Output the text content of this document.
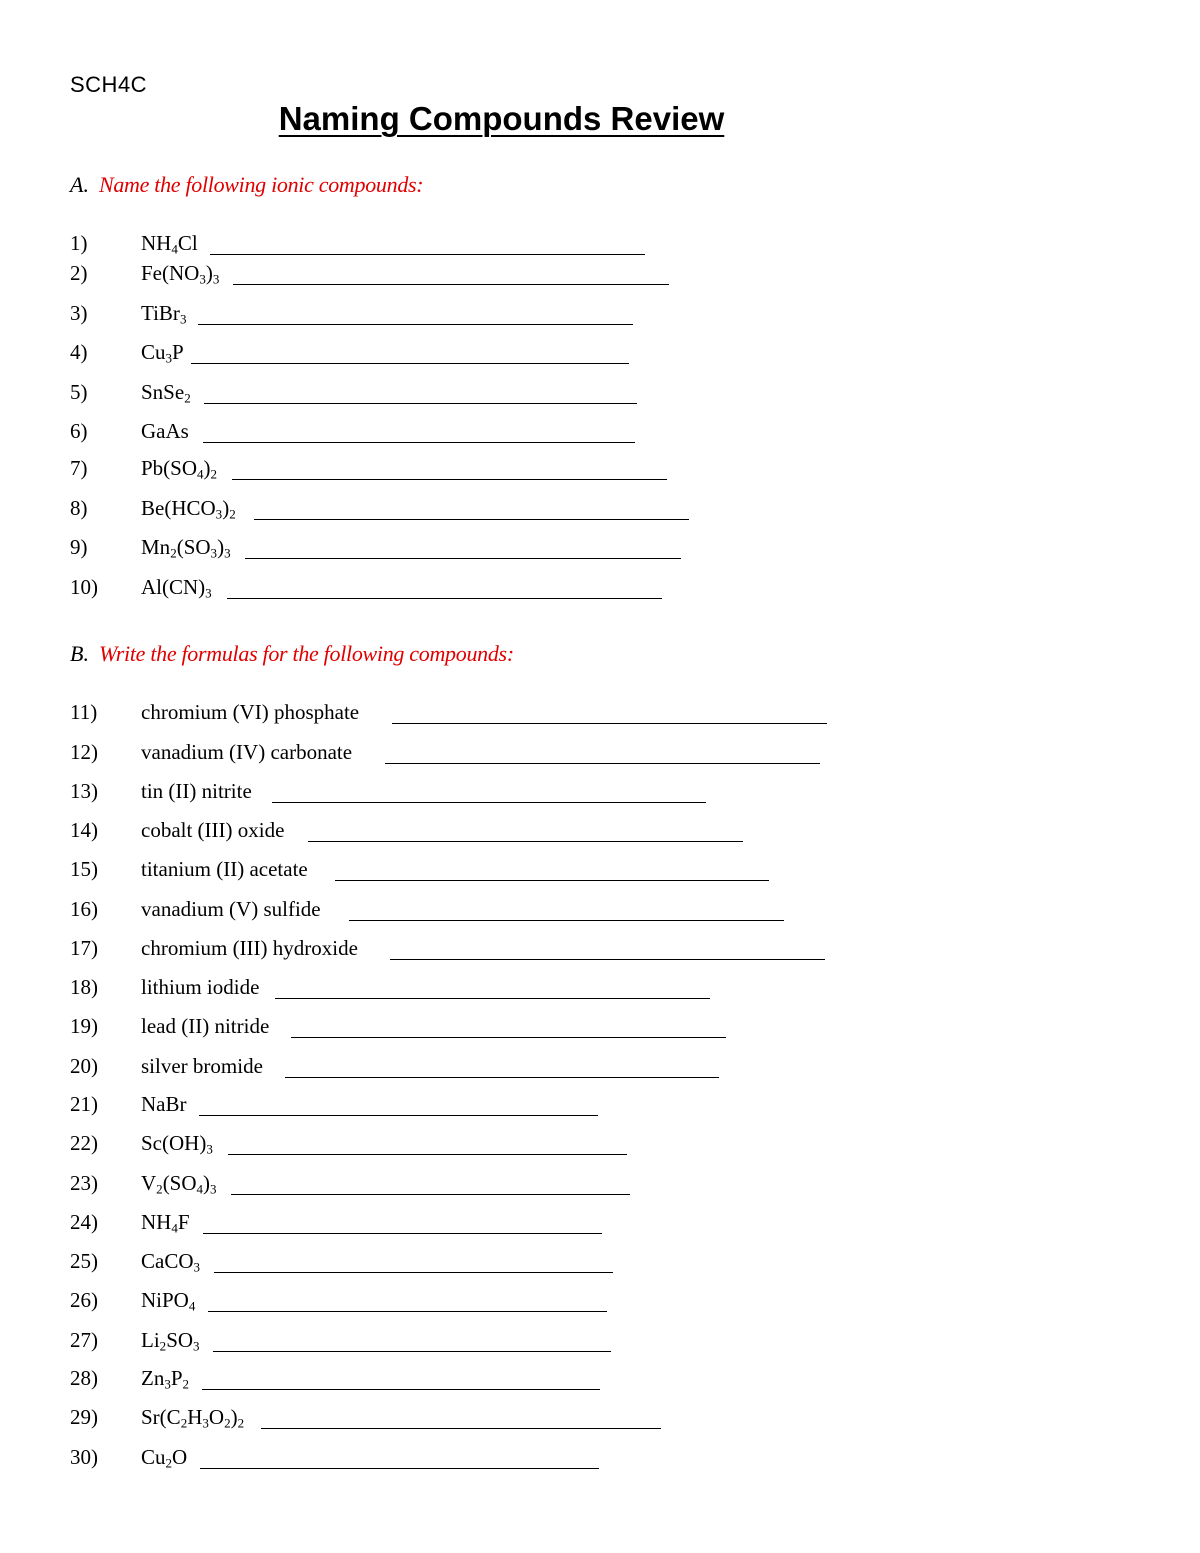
SCH4C
Naming Compounds Review
A. Name the following ionic compounds:
1)	$NH_4Cl$
2)	$Fe(NO_3)_3$
3)	TiBr$_3$
4)	$Cu_3P$
5)	SnSe$_2$
6)	GaAs
7)	$Pb(SO_4)_2$
8)	$Be(HCO_3)_2$
9)	$Mn_2(SO_3)_3$
10) $Al(CN)_3$
B. Write the formulas for the following compounds:
11) chromium (VI) phosphate
12) vanadium (IV) carbonate
13) tin (II) nitrite
14) cobalt (III) oxide
15) titanium (II) acetate
16) vanadium (V) sulfide
17) chromium (III) hydroxide
18) lithium iodide
19) lead (II) nitride
20) silver bromide
21) NaBr
22) $Sc(OH)_3$
23) $V_2(SO_4)_3$
24) $NH_4F$
25) CaCO$_3$
26) NiPO$_4$
27) $Li_2SO_3$
28) $Zn_3P_2$
29) $Sr(C_2H_3O_2)_2$
30) $Cu_2O$
